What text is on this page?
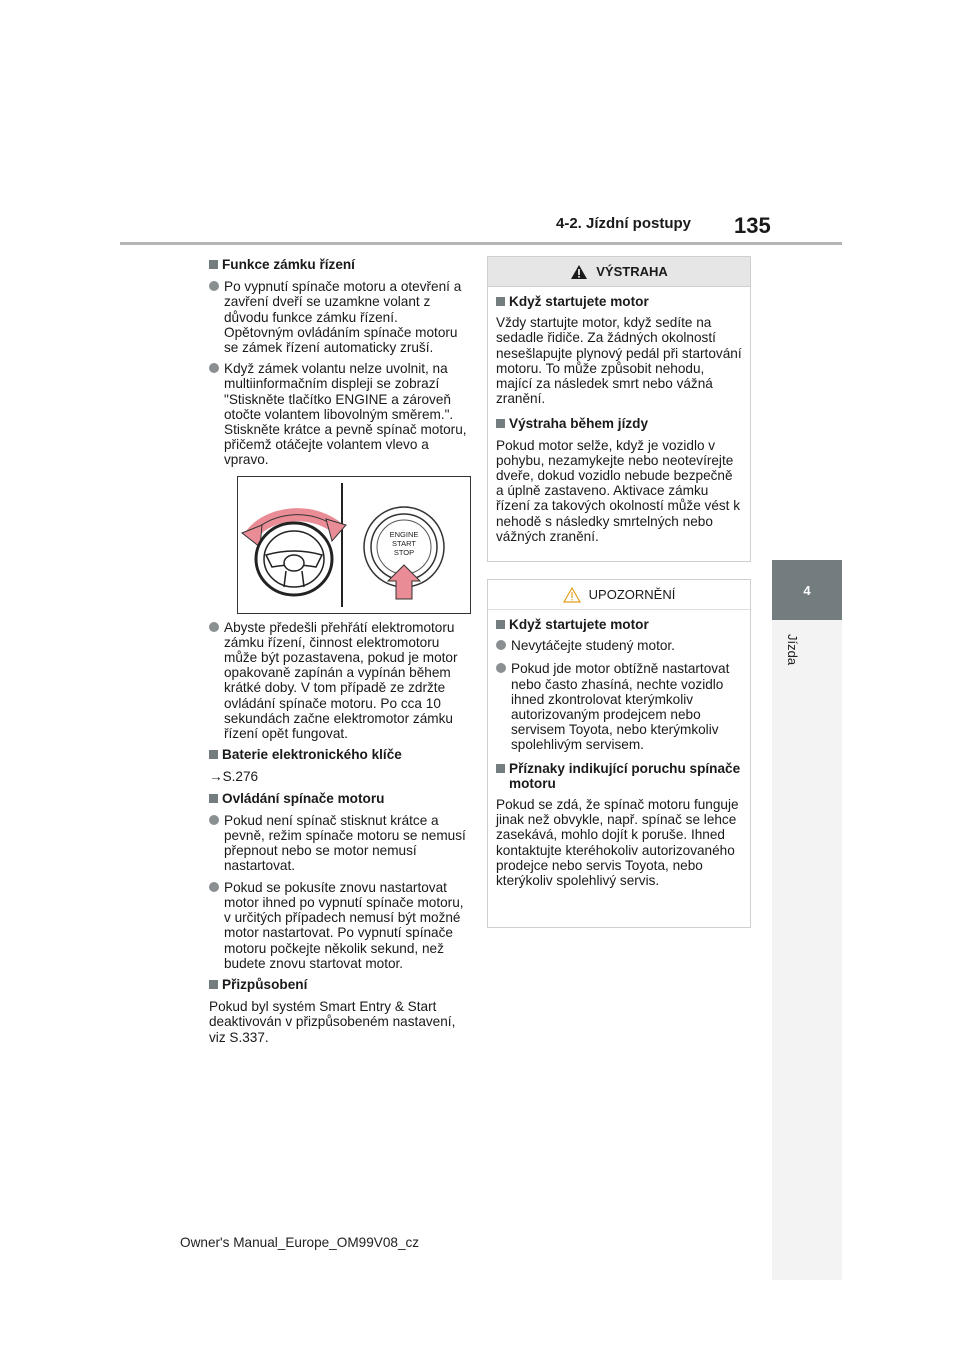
4-2. Jízdní postupy 135
4
Jízda
Funkce zámku řízení
Po vypnutí spínače motoru a otevření a zavření dveří se uzamkne volant z důvodu funkce zámku řízení. Opětovným ovládáním spínače motoru se zámek řízení automaticky zruší.
Když zámek volantu nelze uvolnit, na multiinformačním displeji se zobrazí "Stiskněte tlačítko ENGINE a zároveň otočte volantem libovolným směrem.". Stiskněte krátce a pevně spínač motoru, přičemž otáčejte volantem vlevo a vpravo.
ENGINE
START
STOP
Abyste předešli přehřátí elektromotoru zámku řízení, činnost elektromotoru může být pozastavena, pokud je motor opakovaně zapínán a vypínán během krátké doby. V tom případě ze zdržte ovládání spínače motoru. Po cca 10 sekundách začne elektromotor zámku řízení opět fungovat.
Baterie elektronického klíče
→S.276
Ovládání spínače motoru
Pokud není spínač stisknut krátce a pevně, režim spínače motoru se nemusí přepnout nebo se motor nemusí nastartovat.
Pokud se pokusíte znovu nastartovat motor ihned po vypnutí spínače motoru, v určitých případech nemusí být možné motor nastartovat. Po vypnutí spínače motoru počkejte několik sekund, než budete znovu startovat motor.
Přizpůsobení
Pokud byl systém Smart Entry & Start deaktivován v přizpůsobeném nastavení, viz S.337.
VÝSTRAHA
Když startujete motor
Vždy startujte motor, když sedíte na sedadle řidiče. Za žádných okolností nesešlapujte plynový pedál při startování motoru. To může způsobit nehodu, mající za následek smrt nebo vážná zranění.
Výstraha během jízdy
Pokud motor selže, když je vozidlo v pohybu, nezamykejte nebo neotevírejte dveře, dokud vozidlo nebude bezpečně a úplně zastaveno. Aktivace zámku řízení za takových okolností může vést k nehodě s následky smrtelných nebo vážných zranění.
UPOZORNĚNÍ
Když startujete motor
Nevytáčejte studený motor.
Pokud jde motor obtížně nastartovat nebo často zhasíná, nechte vozidlo ihned zkontrolovat kterýmkoliv autorizovaným prodejcem nebo servisem Toyota, nebo kterýmkoliv spolehlivým servisem.
Příznaky indikující poruchu spínače motoru
Pokud se zdá, že spínač motoru funguje jinak než obvykle, např. spínač se lehce zasekává, mohlo dojít k poruše. Ihned kontaktujte kteréhokoliv autorizovaného prodejce nebo servis Toyota, nebo kterýkoliv spolehlivý servis.
Owner's Manual_Europe_OM99V08_cz
